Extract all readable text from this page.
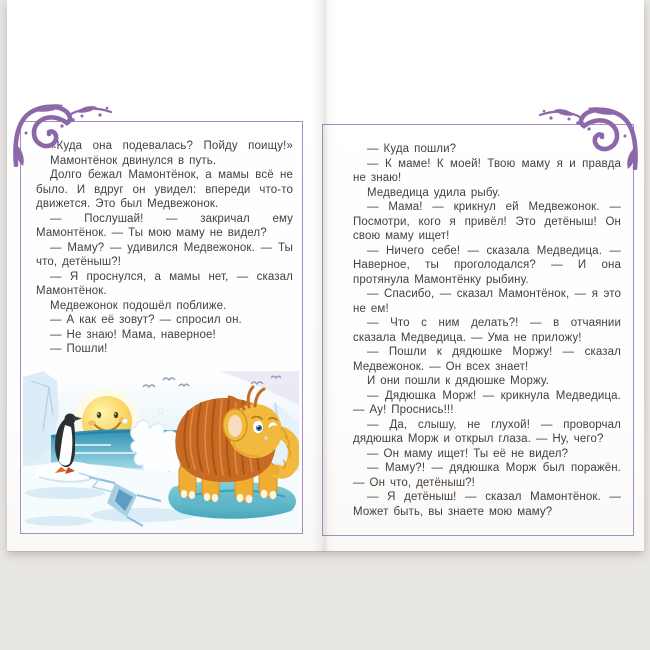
«Куда она подевалась? Пойду поищу!»

Мамонтёнок двинулся в путь.

Долго бежал Мамонтёнок, а мамы всё не было. И вдруг он увидел: впереди что-то движется. Это был Медвежонок.

— Послушай! — закричал ему Мамонтёнок. — Ты мою маму не видел?

— Маму? — удивился Медвежонок. — Ты что, детёныш?!

— Я проснулся, а мамы нет, — сказал Мамонтёнок.

Медвежонок подошёл поближе.

— А как её зовут? — спросил он.

— Не знаю! Мама, наверное!

— Пошли!

— Куда пошли?

— К маме! К моей! Твою маму я и правда не знаю!

Медведица удила рыбу.

— Мама! — крикнул ей Медвежонок. — Посмотри, кого я привёл! Это детёныш! Он свою маму ищет!

— Ничего себе! — сказала Медведица. — Наверное, ты проголодался? — И она протянула Мамонтёнку рыбину.

— Спасибо, — сказал Мамонтёнок, — я это не ем!

— Что с ним делать?! — в отчаянии сказала Медведица. — Ума не приложу!

— Пошли к дядюшке Моржу! — сказал Медвежонок. — Он всех знает!

И они пошли к дядюшке Моржу.

— Дядюшка Морж! — крикнула Медведица. — Ау! Проснись!!!

— Да, слышу, не глухой! — проворчал дядюшка Морж и открыл глаза. — Ну, чего?

— Он маму ищет! Ты её не видел?

— Маму?! — дядюшка Морж был поражён. — Он что, детёныш?!

— Я детёныш! — сказал Мамонтёнок. — Может быть, вы знаете мою маму?
